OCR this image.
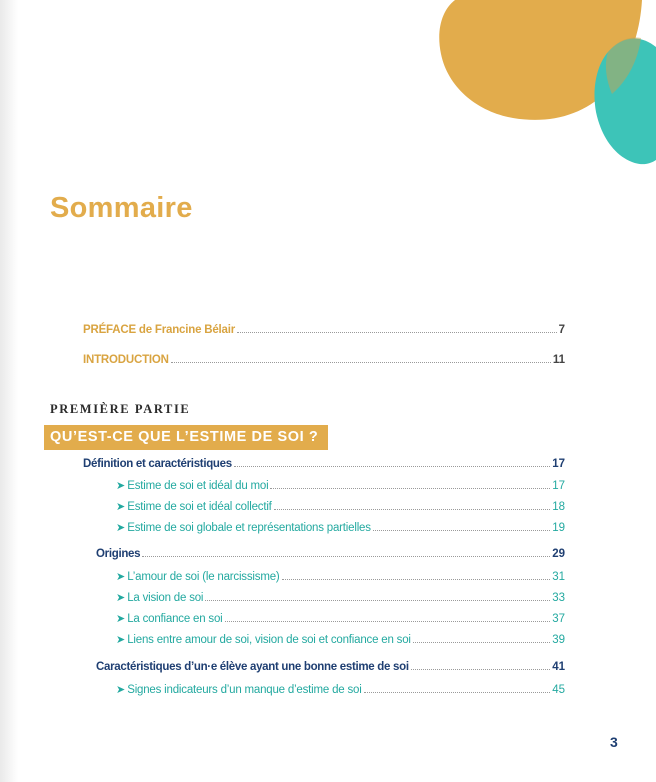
Sommaire
PRÉFACE de Francine Bélair	7
INTRODUCTION	11
PREMIÈRE PARTIE
QU’EST-CE QUE L’ESTIME DE SOI ?
Définition et caractéristiques	17
➤ Estime de soi et idéal du moi	17
➤ Estime de soi et idéal collectif	18
➤ Estime de soi globale et représentations partielles	19
Origines	29
➤ L’amour de soi (le narcissisme)	31
➤ La vision de soi	33
➤ La confiance en soi	37
➤ Liens entre amour de soi, vision de soi et confiance en soi	39
Caractéristiques d’un·e élève ayant une bonne estime de soi	41
➤ Signes indicateurs d’un manque d’estime de soi	45
3
